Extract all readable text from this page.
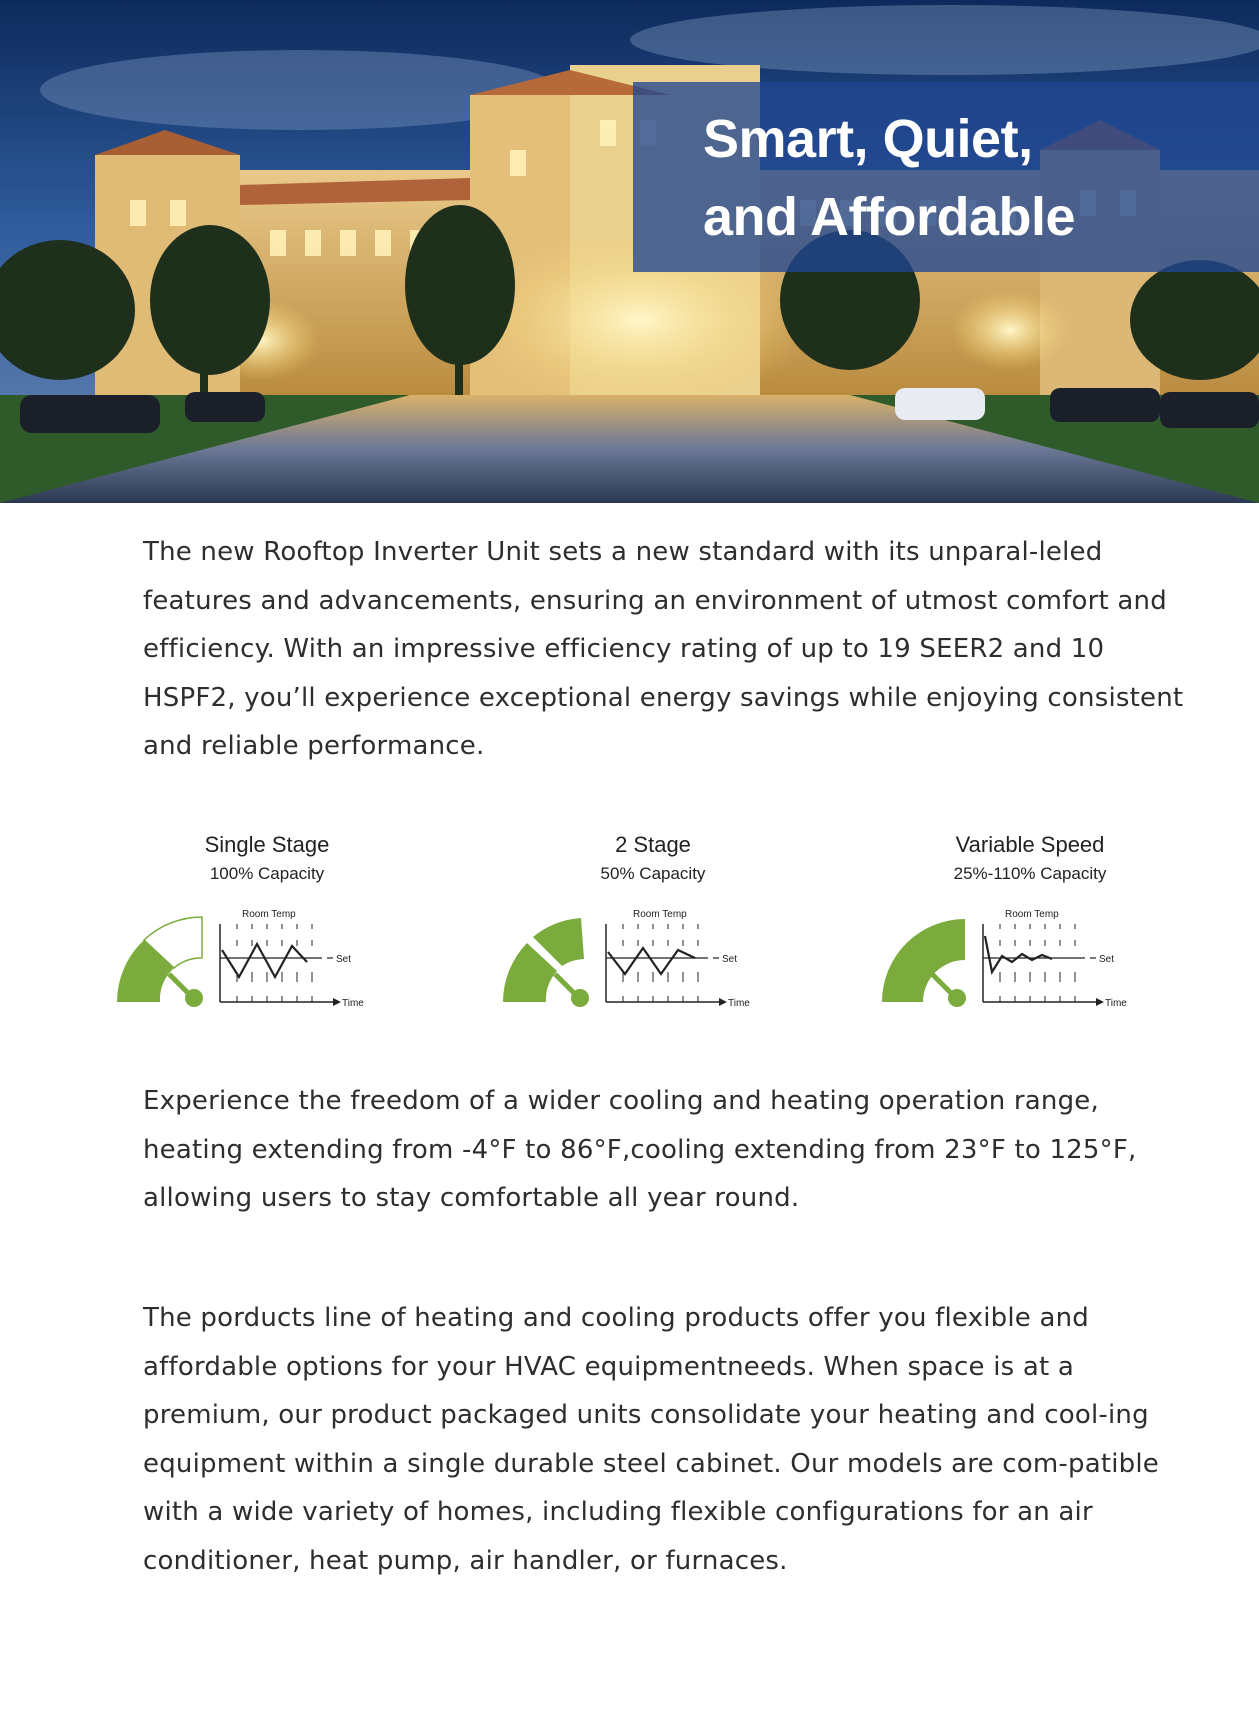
Smart, Quiet,
and Affordable

The new Rooftop Inverter Unit sets a new standard with its unparal-leled features and advancements, ensuring an environment of utmost comfort and efficiency. With an impressive efficiency rating of up to 19 SEER2 and 10 HSPF2, you’ll experience exceptional energy savings while enjoying consistent and reliable performance.

Single Stage
100% Capacity
Room Temp
Set
Time
2 Stage
50% Capacity
Room Temp
Set
Time
Variable Speed
25%-110% Capacity
Room Temp
Set
Time

Experience the freedom of a wider cooling and heating operation range, heating extending from -4°F to 86°F,cooling extending from 23°F to 125°F, allowing users to stay comfortable all year round.

The porducts line of heating and cooling products offer you flexible and affordable options for your HVAC equipmentneeds. When space is at a premium, our product packaged units consolidate your heating and cool-ing equipment within a single durable steel cabinet. Our models are com-patible with a wide variety of homes, including flexible configurations for an air conditioner, heat pump, air handler, or furnaces.
